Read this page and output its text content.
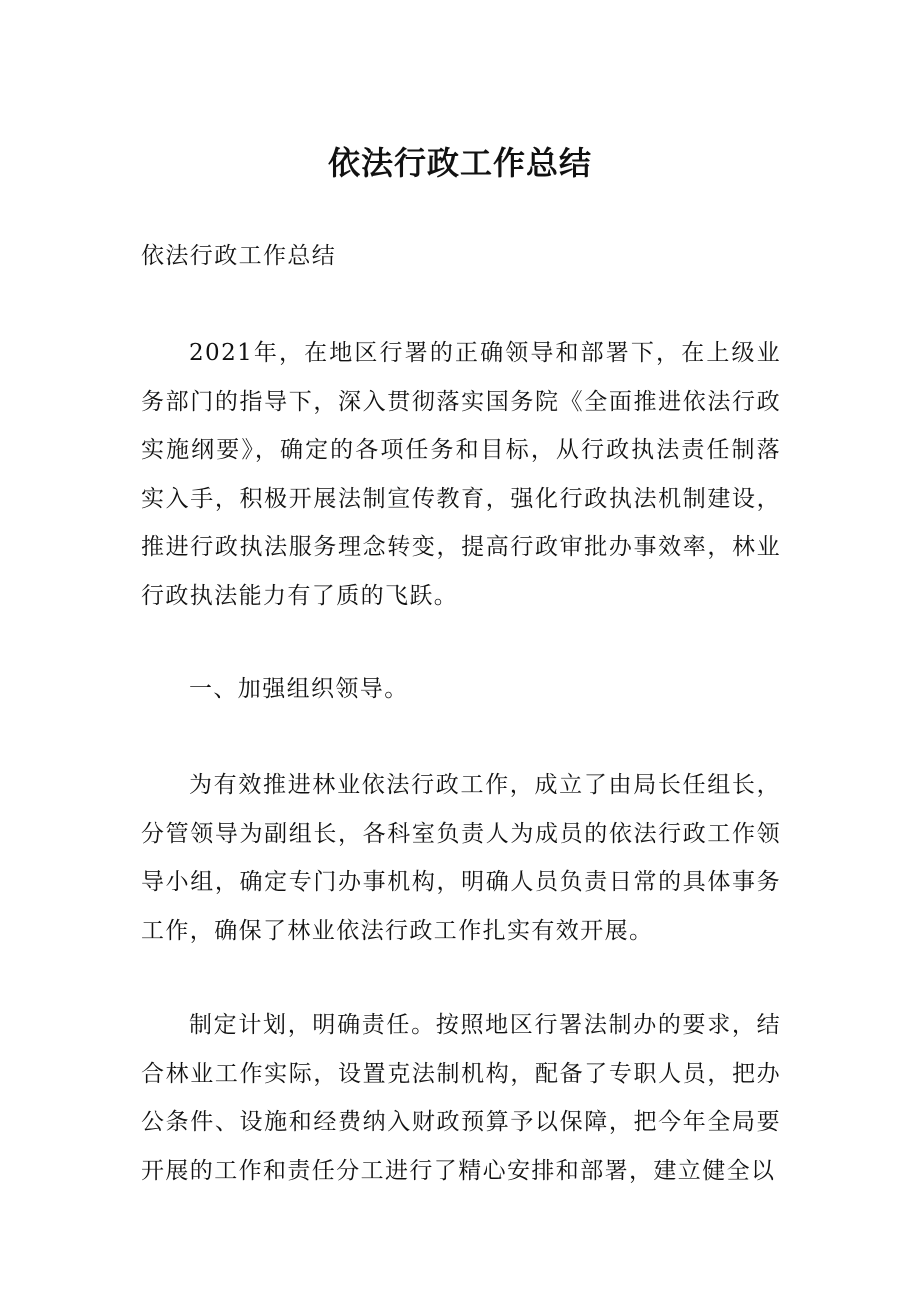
依法行政工作总结

依法行政工作总结

2021年，在地区行署的正确领导和部署下，在上级业务部门的指导下，深入贯彻落实国务院《全面推进依法行政实施纲要》，确定的各项任务和目标，从行政执法责任制落实入手，积极开展法制宣传教育，强化行政执法机制建设，推进行政执法服务理念转变，提高行政审批办事效率，林业行政执法能力有了质的飞跃。

一、加强组织领导。

为有效推进林业依法行政工作，成立了由局长任组长，分管领导为副组长，各科室负责人为成员的依法行政工作领导小组，确定专门办事机构，明确人员负责日常的具体事务工作，确保了林业依法行政工作扎实有效开展。

制定计划，明确责任。按照地区行署法制办的要求，结合林业工作实际，设置克法制机构，配备了专职人员，把办公条件、设施和经费纳入财政预算予以保障，把今年全局要开展的工作和责任分工进行了精心安排和部署，建立健全以
